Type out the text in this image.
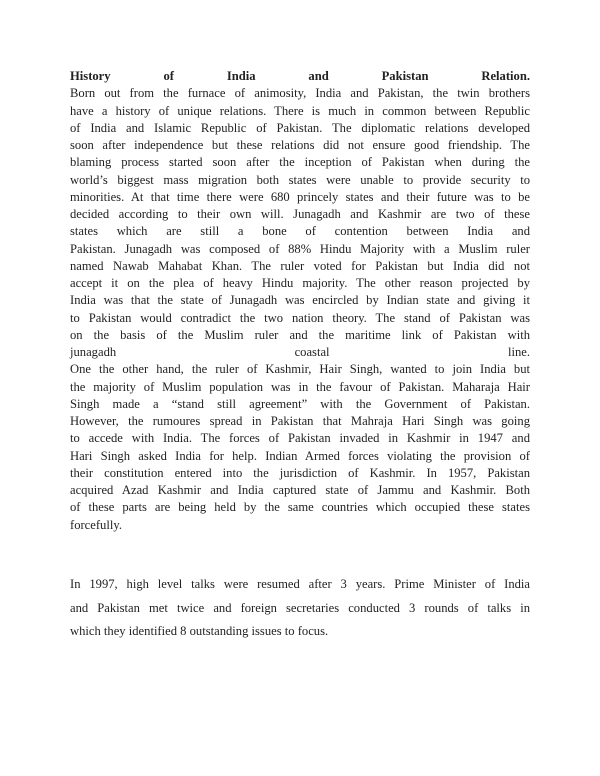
History of India and Pakistan Relation.
Born out from the furnace of animosity, India and Pakistan, the twin brothers
have a history of unique relations. There is much in common between Republic
of India and Islamic Republic of Pakistan. The diplomatic relations developed
soon after independence but these relations did not ensure good friendship. The
blaming process started soon after the inception of Pakistan when during the
world’s biggest mass migration both states were unable to provide security to
minorities. At that time there were 680 princely states and their future was to be
decided according to their own will. Junagadh and Kashmir are two of these
states which are still a bone of contention between India and
Pakistan. Junagadh was composed of 88% Hindu Majority with a Muslim ruler
named Nawab Mahabat Khan. The ruler voted for Pakistan but India did not
accept it on the plea of heavy Hindu majority. The other reason projected by
India was that the state of Junagadh was encircled by Indian state and giving it
to Pakistan would contradict the two nation theory. The stand of Pakistan was
on the basis of the Muslim ruler and the maritime link of Pakistan with
junagadh coastal line.
One the other hand, the ruler of Kashmir, Hair Singh, wanted to join India but
the majority of Muslim population was in the favour of Pakistan. Maharaja Hair
Singh made a “stand still agreement” with the Government of Pakistan.
However, the rumoures spread in Pakistan that Mahraja Hari Singh was going
to accede with India. The forces of Pakistan invaded in Kashmir in 1947 and
Hari Singh asked India for help. Indian Armed forces violating the provision of
their constitution entered into the jurisdiction of Kashmir. In 1957, Pakistan
acquired Azad Kashmir and India captured state of Jammu and Kashmir. Both
of these parts are being held by the same countries which occupied these states
forcefully.
In 1997, high level talks were resumed after 3 years. Prime Minister of India
and Pakistan met twice and foreign secretaries conducted 3 rounds of talks in
which they identified 8 outstanding issues to focus.
